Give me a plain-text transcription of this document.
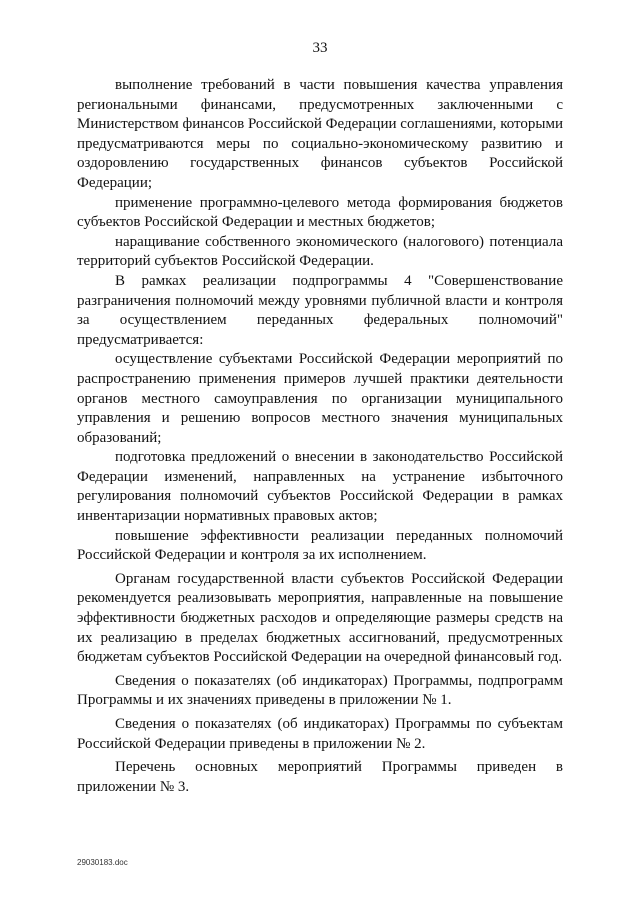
33

выполнение требований в части повышения качества управления региональными финансами, предусмотренных заключенными с Министерством финансов Российской Федерации соглашениями, которыми предусматриваются меры по социально-экономическому развитию и оздоровлению государственных финансов субъектов Российской Федерации;

применение программно-целевого метода формирования бюджетов субъектов Российской Федерации и местных бюджетов;

наращивание собственного экономического (налогового) потенциала территорий субъектов Российской Федерации.

В рамках реализации подпрограммы 4 "Совершенствование разграничения полномочий между уровнями публичной власти и контроля за осуществлением переданных федеральных полномочий" предусматривается:

осуществление субъектами Российской Федерации мероприятий по распространению применения примеров лучшей практики деятельности органов местного самоуправления по организации муниципального управления и решению вопросов местного значения муниципальных образований;

подготовка предложений о внесении в законодательство Российской Федерации изменений, направленных на устранение избыточного регулирования полномочий субъектов Российской Федерации в рамках инвентаризации нормативных правовых актов;

повышение эффективности реализации переданных полномочий Российской Федерации и контроля за их исполнением.

Органам государственной власти субъектов Российской Федерации рекомендуется реализовывать мероприятия, направленные на повышение эффективности бюджетных расходов и определяющие размеры средств на их реализацию в пределах бюджетных ассигнований, предусмотренных бюджетам субъектов Российской Федерации на очередной финансовый год.

Сведения о показателях (об индикаторах) Программы, подпрограмм Программы и их значениях приведены в приложении № 1.

Сведения о показателях (об индикаторах) Программы по субъектам Российской Федерации приведены в приложении № 2.

Перечень основных мероприятий Программы приведен в приложении № 3.

29030183.doc
